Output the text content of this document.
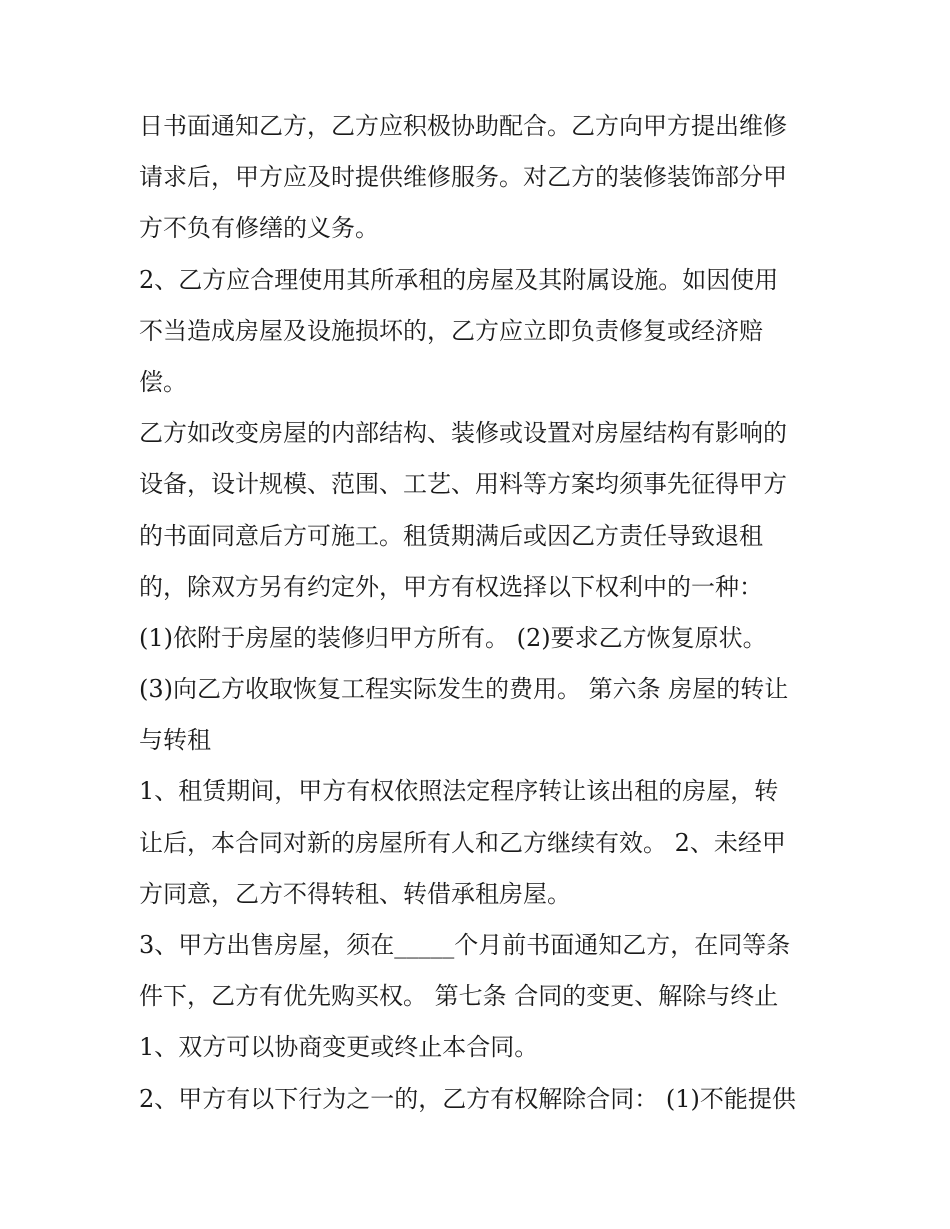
日书面通知乙方，乙方应积极协助配合。乙方向甲方提出维修
请求后，甲方应及时提供维修服务。对乙方的装修装饰部分甲
方不负有修缮的义务。
2、乙方应合理使用其所承租的房屋及其附属设施。如因使用
不当造成房屋及设施损坏的，乙方应立即负责修复或经济赔
偿。
乙方如改变房屋的内部结构、装修或设置对房屋结构有影响的
设备，设计规模、范围、工艺、用料等方案均须事先征得甲方
的书面同意后方可施工。租赁期满后或因乙方责任导致退租
的，除双方另有约定外，甲方有权选择以下权利中的一种：
(1)依附于房屋的装修归甲方所有。 (2)要求乙方恢复原状。
(3)向乙方收取恢复工程实际发生的费用。 第六条 房屋的转让
与转租
1、租赁期间，甲方有权依照法定程序转让该出租的房屋，转
让后，本合同对新的房屋所有人和乙方继续有效。 2、未经甲
方同意，乙方不得转租、转借承租房屋。
3、甲方出售房屋，须在_____个月前书面通知乙方，在同等条
件下，乙方有优先购买权。 第七条 合同的变更、解除与终止
1、双方可以协商变更或终止本合同。
2、甲方有以下行为之一的，乙方有权解除合同： (1)不能提供
